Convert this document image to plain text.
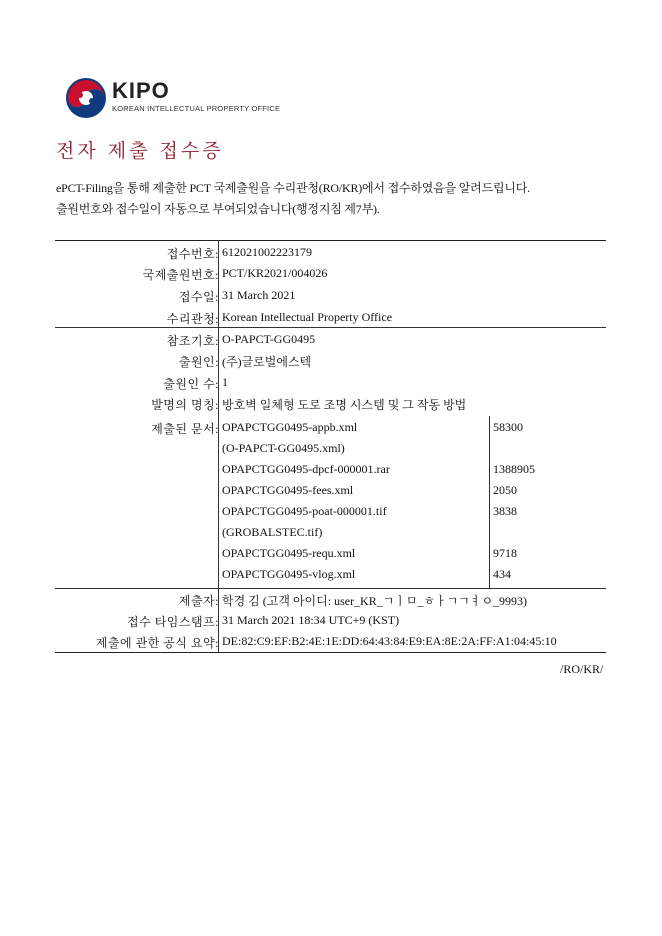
KIPO
KOREAN INTELLECTUAL PROPERTY OFFICE
전자 제출 접수증
ePCT-Filing을 통해 제출한 PCT 국제출원을 수리관청(RO/KR)에서 접수하였음을 알려드립니다.
출원번호와 접수일이 자동으로 부여되었습니다(행정지침 제7부).
접수번호: 612021002223179
국제출원번호: PCT/KR2021/004026
접수일: 31 March 2021
수리관청: Korean Intellectual Property Office
참조기호: O-PAPCT-GG0495
출원인: (주)글로벌에스텍
출원인 수: 1
발명의 명칭: 방호벽 일체형 도로 조명 시스템 및 그 작동 방법
제출된 문서: OPAPCTGG0495-appb.xml	58300
(O-PAPCT-GG0495.xml)
OPAPCTGG0495-dpcf-000001.rar	1388905
OPAPCTGG0495-fees.xml	2050
OPAPCTGG0495-poat-000001.tif	3838
(GROBALSTEC.tif)
OPAPCTGG0495-requ.xml	9718
OPAPCTGG0495-vlog.xml	434
제출자: 학경 김 (고객 아이디: user_KR_ㄱㅣㅁ_ㅎㅏㄱㄱㅕㅇ_9993)
접수 타임스탬프: 31 March 2021 18:34 UTC+9 (KST)
제출에 관한 공식 요약: DE:82:C9:EF:B2:4E:1E:DD:64:43:84:E9:EA:8E:2A:FF:A1:04:45:10
/RO/KR/
